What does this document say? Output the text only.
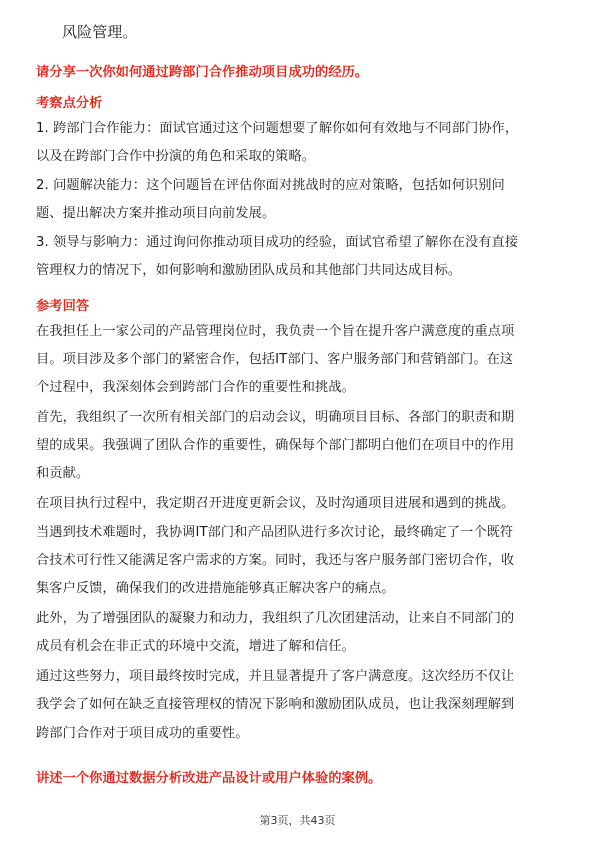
风险管理。
请分享一次你如何通过跨部门合作推动项目成功的经历。
考察点分析
1. 跨部门合作能力：面试官通过这个问题想要了解你如何有效地与不同部门协作，
以及在跨部门合作中扮演的角色和采取的策略。
2. 问题解决能力：这个问题旨在评估你面对挑战时的应对策略，包括如何识别问
题、提出解决方案并推动项目向前发展。
3. 领导与影响力：通过询问你推动项目成功的经验，面试官希望了解你在没有直接
管理权力的情况下，如何影响和激励团队成员和其他部门共同达成目标。
参考回答
在我担任上一家公司的产品管理岗位时，我负责一个旨在提升客户满意度的重点项
目。项目涉及多个部门的紧密合作，包括IT部门、客户服务部门和营销部门。在这
个过程中，我深刻体会到跨部门合作的重要性和挑战。
首先，我组织了一次所有相关部门的启动会议，明确项目目标、各部门的职责和期
望的成果。我强调了团队合作的重要性，确保每个部门都明白他们在项目中的作用
和贡献。
在项目执行过程中，我定期召开进度更新会议，及时沟通项目进展和遇到的挑战。
当遇到技术难题时，我协调IT部门和产品团队进行多次讨论，最终确定了一个既符
合技术可行性又能满足客户需求的方案。同时，我还与客户服务部门密切合作，收
集客户反馈，确保我们的改进措施能够真正解决客户的痛点。
此外，为了增强团队的凝聚力和动力，我组织了几次团建活动，让来自不同部门的
成员有机会在非正式的环境中交流，增进了解和信任。
通过这些努力，项目最终按时完成，并且显著提升了客户满意度。这次经历不仅让
我学会了如何在缺乏直接管理权的情况下影响和激励团队成员，也让我深刻理解到
跨部门合作对于项目成功的重要性。
讲述一个你通过数据分析改进产品设计或用户体验的案例。
第3页，共43页
